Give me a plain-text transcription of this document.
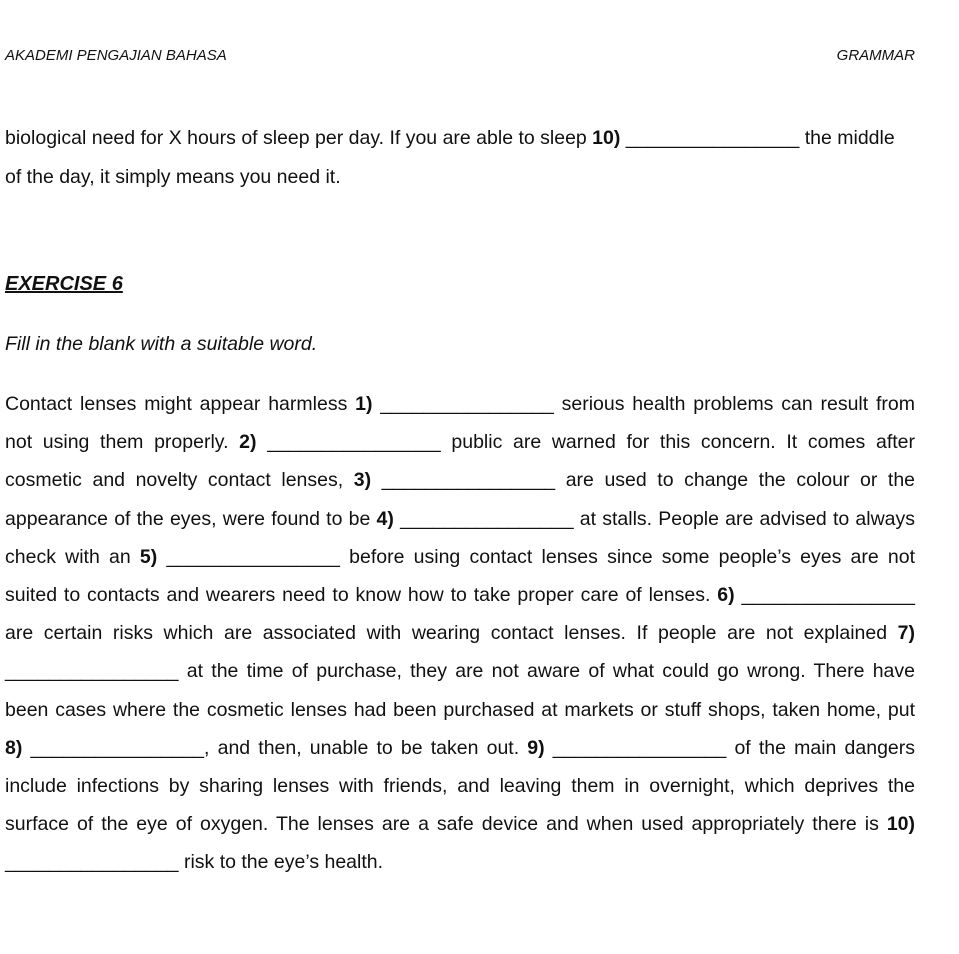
AKADEMI PENGAJIAN BAHASA	GRAMMAR

biological need for X hours of sleep per day. If you are able to sleep 10) ________________ the middle of the day, it simply means you need it.

EXERCISE 6
Fill in the blank with a suitable word.

Contact lenses might appear harmless 1) ________________ serious health problems can result from not using them properly. 2) ________________ public are warned for this concern. It comes after cosmetic and novelty contact lenses, 3) ________________ are used to change the colour or the appearance of the eyes, were found to be 4) ________________ at stalls. People are advised to always check with an 5) ________________ before using contact lenses since some people’s eyes are not suited to contacts and wearers need to know how to take proper care of lenses. 6) ________________ are certain risks which are associated with wearing contact lenses. If people are not explained 7) ________________ at the time of purchase, they are not aware of what could go wrong. There have been cases where the cosmetic lenses had been purchased at markets or stuff shops, taken home, put 8) ________________, and then, unable to be taken out. 9) ________________ of the main dangers include infections by sharing lenses with friends, and leaving them in overnight, which deprives the surface of the eye of oxygen. The lenses are a safe device and when used appropriately there is 10) ________________ risk to the eye’s health.
